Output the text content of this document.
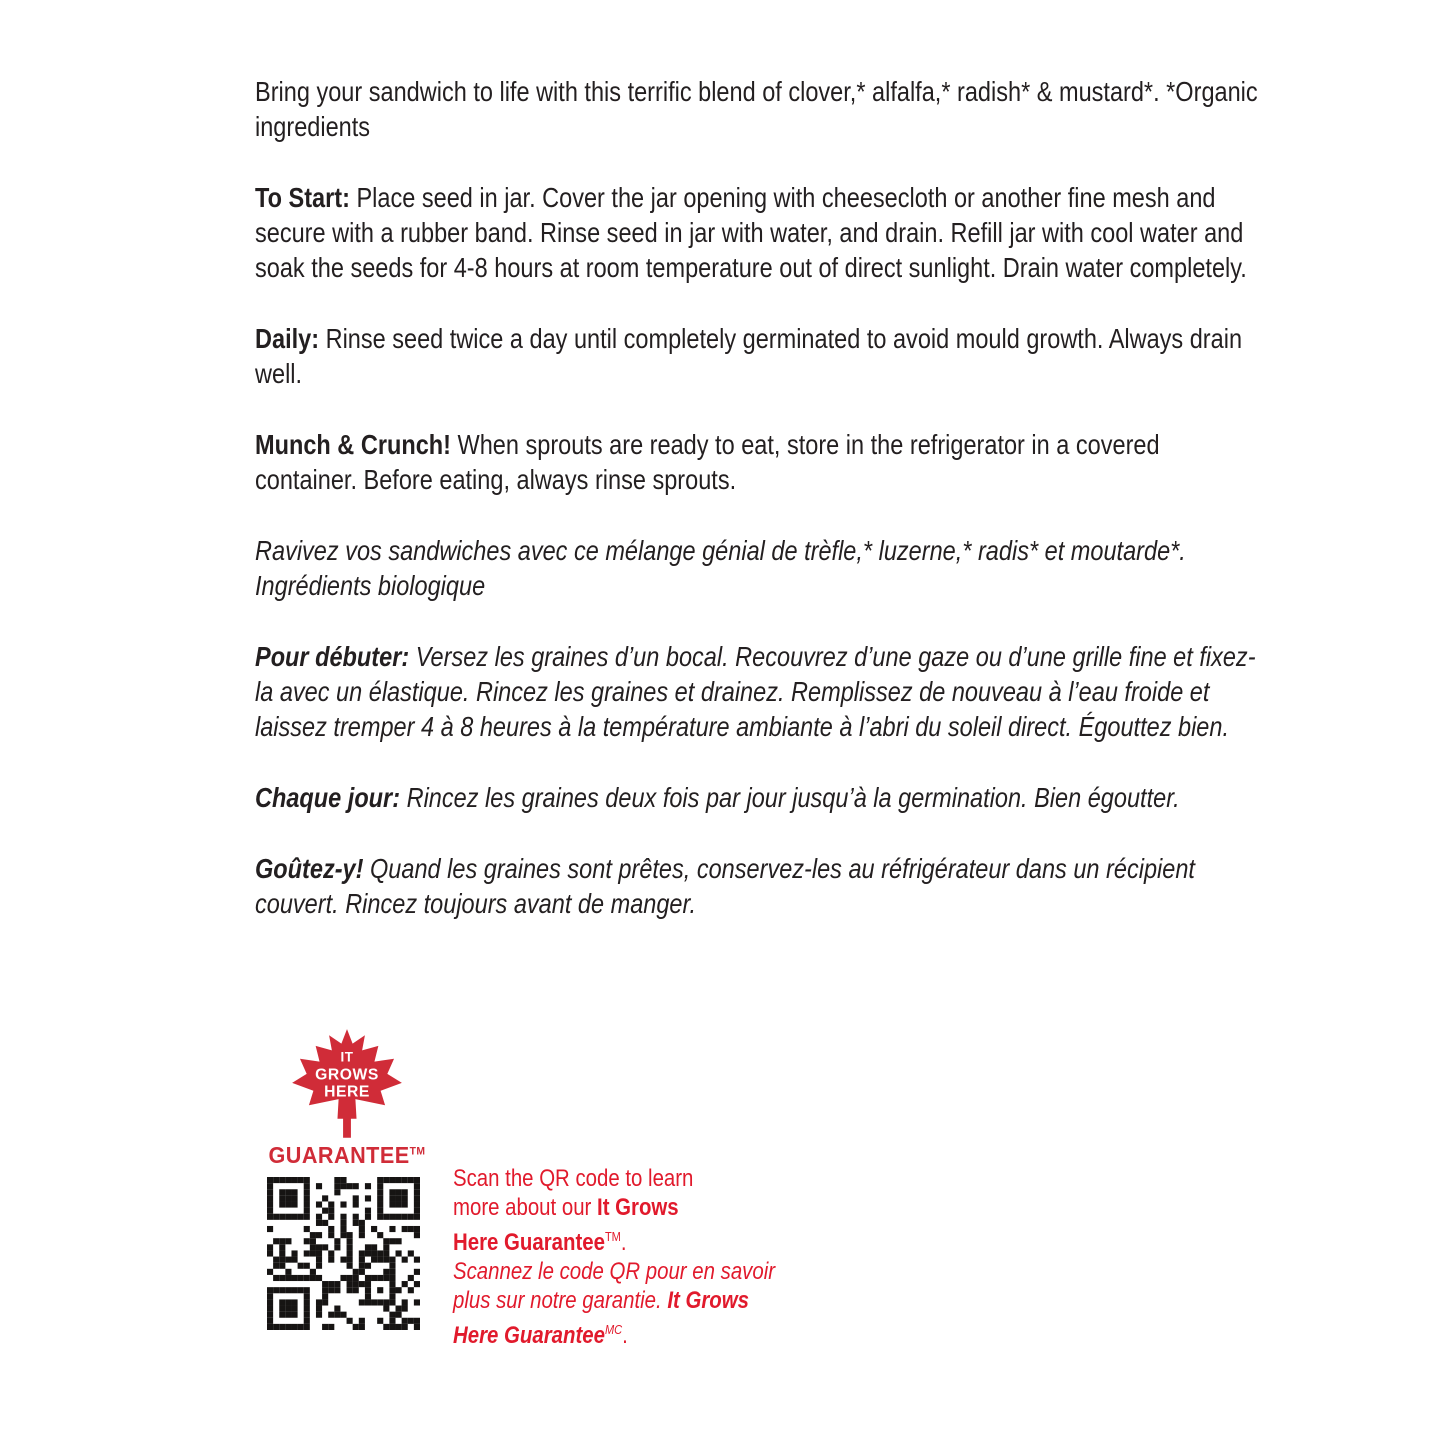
Bring your sandwich to life with this terrific blend of clover,* alfalfa,* radish* & mustard*. *Organic ingredients

To Start: Place seed in jar. Cover the jar opening with cheesecloth or another fine mesh and secure with a rubber band. Rinse seed in jar with water, and drain. Refill jar with cool water and soak the seeds for 4-8 hours at room temperature out of direct sunlight. Drain water completely.

Daily: Rinse seed twice a day until completely germinated to avoid mould growth. Always drain well.

Munch & Crunch! When sprouts are ready to eat, store in the refrigerator in a covered container. Before eating, always rinse sprouts.

Ravivez vos sandwiches avec ce mélange génial de trèfle,* luzerne,* radis* et moutarde*. Ingrédients biologique

Pour débuter: Versez les graines d’un bocal. Recouvrez d’une gaze ou d’une grille fine et fixez-la avec un élastique. Rincez les graines et drainez. Remplissez de nouveau à l’eau froide et laissez tremper 4 à 8 heures à la température ambiante à l’abri du soleil direct. Égouttez bien.

Chaque jour: Rincez les graines deux fois par jour jusqu’à la germination. Bien égoutter.

Goûtez-y! Quand les graines sont prêtes, conservez-les au réfrigérateur dans un récipient couvert. Rincez toujours avant de manger.

IT
GROWS
HERE
GUARANTEE™
Scan the QR code to learn
more about our It Grows
Here Guarantee™.
Scannez le code QR pour en savoir
plus sur notre garantie. It Grows
Here Guarantee$^{MC}$.
